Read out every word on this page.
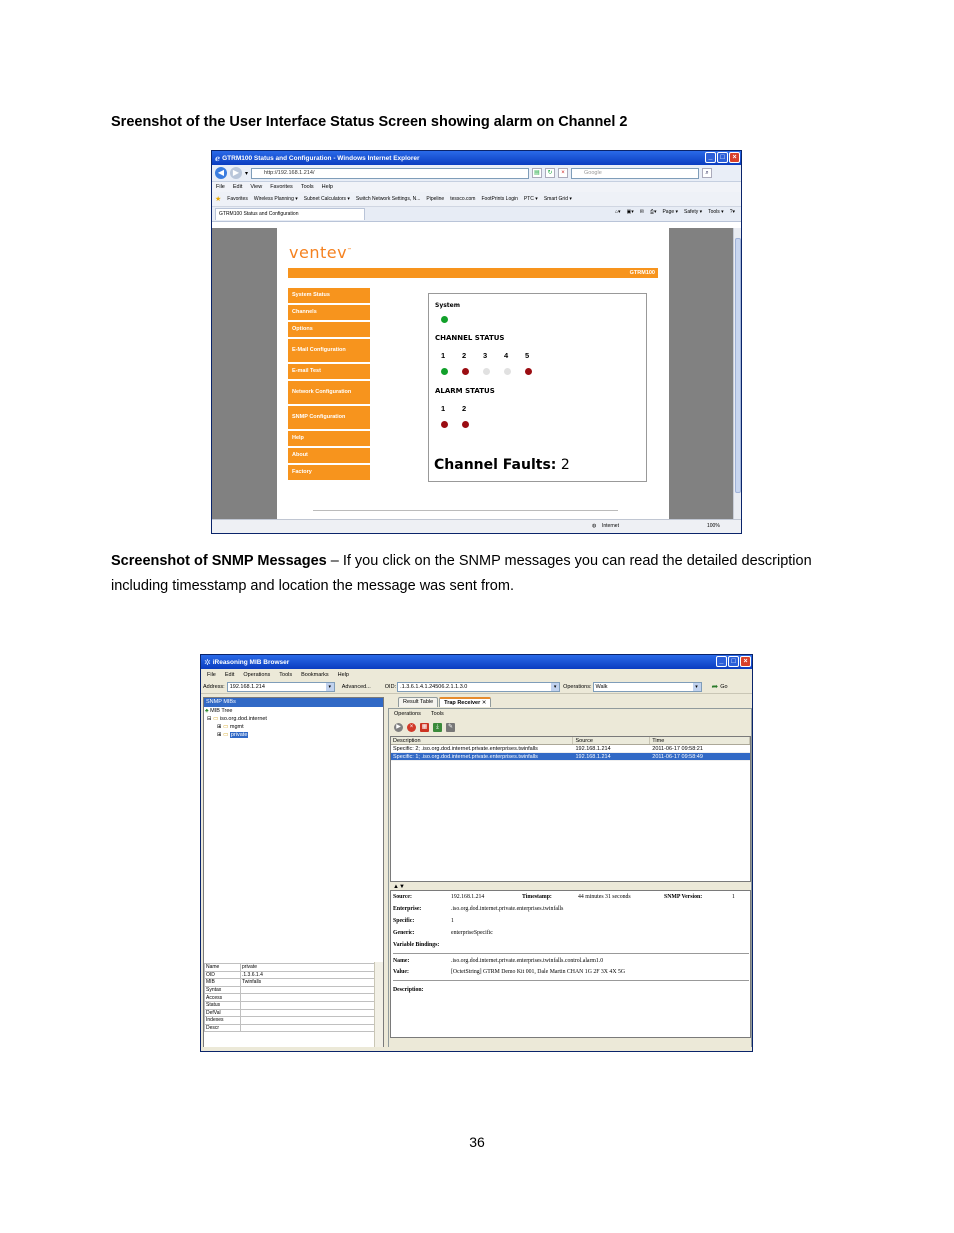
Sreenshot of the User Interface Status Screen showing alarm on Channel 2
ℯ GTRM100 Status and Configuration - Windows Internet Explorer	_	□	×
◀	▶ ▾	http://192.168.1.214/	▤	↻	×	Google	⌕
File Edit View Favorites Tools Help
★ Favorites Wireless Planning ▾ Subnet Calculators ▾ Switch Network Settings, N... Pipeline tessco.com FootPrints Login PTC ▾ Smart Grid ▾
GTRM100 Status and Configuration	⌂▾ ▣▾ ✉ ⎙▾ Page ▾ Safety ▾ Tools ▾ ?▾
ventev™
GTRM100
System Status
Channels
Options
E-Mail Configuration
E-mail Test
Network Configuration
SNMP Configuration
Help
About
Factory
System
CHANNEL STATUS
1	2	3	4	5
ALARM STATUS
1	2
Channel Faults: 2
◍ Internet	100%
Screenshot of SNMP Messages – If you click on the SNMP messages you can read the detailed description including timesstamp and location the message was sent from.
✲ iReasoning MIB Browser	_	□	×
File Edit Operations Tools Bookmarks Help
Address: 192.168.1.214	▾	Advanced...	OID: .1.3.6.1.4.1.24506.2.1.1.3.0	▾	Operations: Walk	▾	➦ Go
SNMP MIBs
♣ MIB Tree
⊟ ▭ iso.org.dod.internet
⊞ ▭ mgmt
⊞ ▭ private
Name	private
OID	.1.3.6.1.4
MIB	Twinfalls
Syntax	
Access	
Status	
DefVal	
Indexes	
Descr	
Result Table	Trap Receiver ✕
Operations Tools
▶	×	▦	⤓	✎
Description	Source	Time
Specific: 2; .iso.org.dod.internet.private.enterprises.twinfalls	192.168.1.214	2011-06-17 09:58:21
Specific: 1; .iso.org.dod.internet.private.enterprises.twinfalls	192.168.1.214	2011-06-17 09:58:49
▲▼
Source:	192.168.1.214	Timestamp:	44 minutes 31 seconds	SNMP Version:	1
Enterprise:	.iso.org.dod.internet.private.enterprises.twinfalls
Specific:	1
Generic:	enterpriseSpecific
Variable Bindings:
Name:	.iso.org.dod.internet.private.enterprises.twinfalls.control.alarm1.0
Value:	[OctetString] GTRM Demo Kit 001, Dale Martin CHAN 1G 2F 3X 4X 5G
Description:
36
